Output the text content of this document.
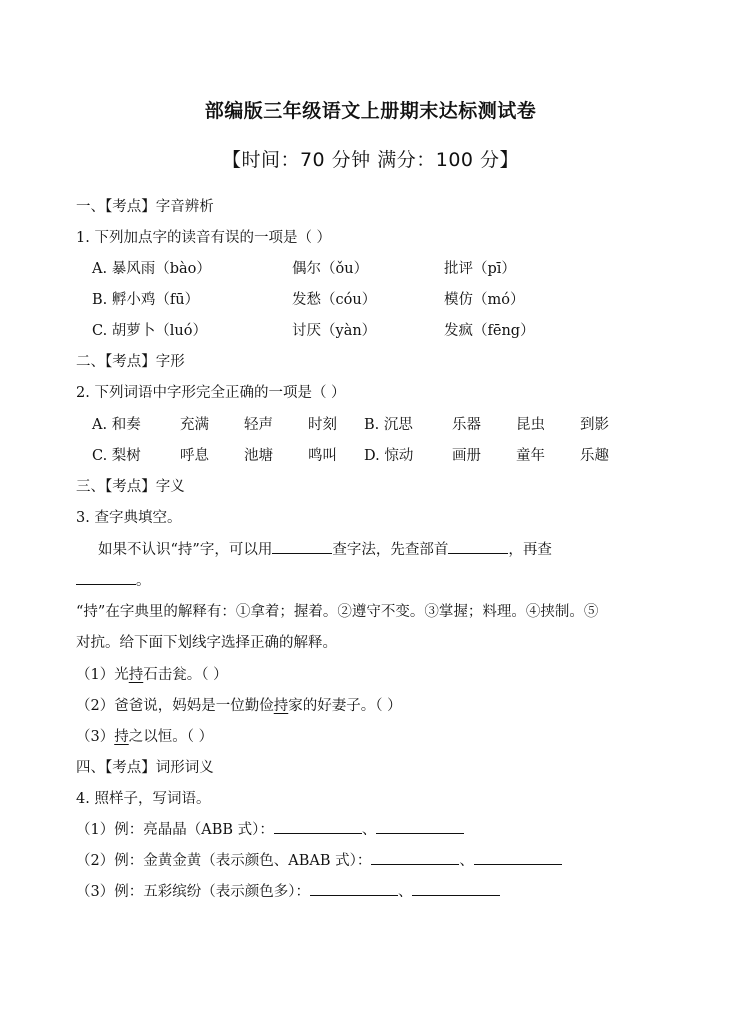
部编版三年级语文上册期末达标测试卷
【时间：70 分钟 满分：100 分】
一、【考点】字音辨析
1. 下列加点字的读音有误的一项是（ ）
A. 暴风雨（bào）	偶尔（ǒu）	批评（pī）
B. 孵小鸡（fū）	发愁（cóu）	模仿（mó）
C. 胡萝卜（luó）	讨厌（yàn）	发疯（fēng）
二、【考点】字形
2. 下列词语中字形完全正确的一项是（ ）
A. 和奏	充满 轻声 时刻 B. 沉思	乐器 昆虫 到影
C. 梨树	呼息 池塘 鸣叫 D. 惊动	画册 童年 乐趣
三、【考点】字义
3. 查字典填空。
如果不认识“持”字，可以用	查字法，先查部首	，再查
。
“持”在字典里的解释有：①拿着；握着。②遵守不变。③掌握；料理。④挟制。⑤
对抗。给下面下划线字选择正确的解释。
（1）光持石击瓮。（ ）
（2）爸爸说，妈妈是一位勤俭持家的好妻子。（ ）
（3）持之以恒。（ ）
四、【考点】词形词义
4. 照样子，写词语。
（1）例：亮晶晶（ABB 式）：	、
（2）例：金黄金黄（表示颜色、ABAB 式）：	、
（3）例：五彩缤纷（表示颜色多）：	、
